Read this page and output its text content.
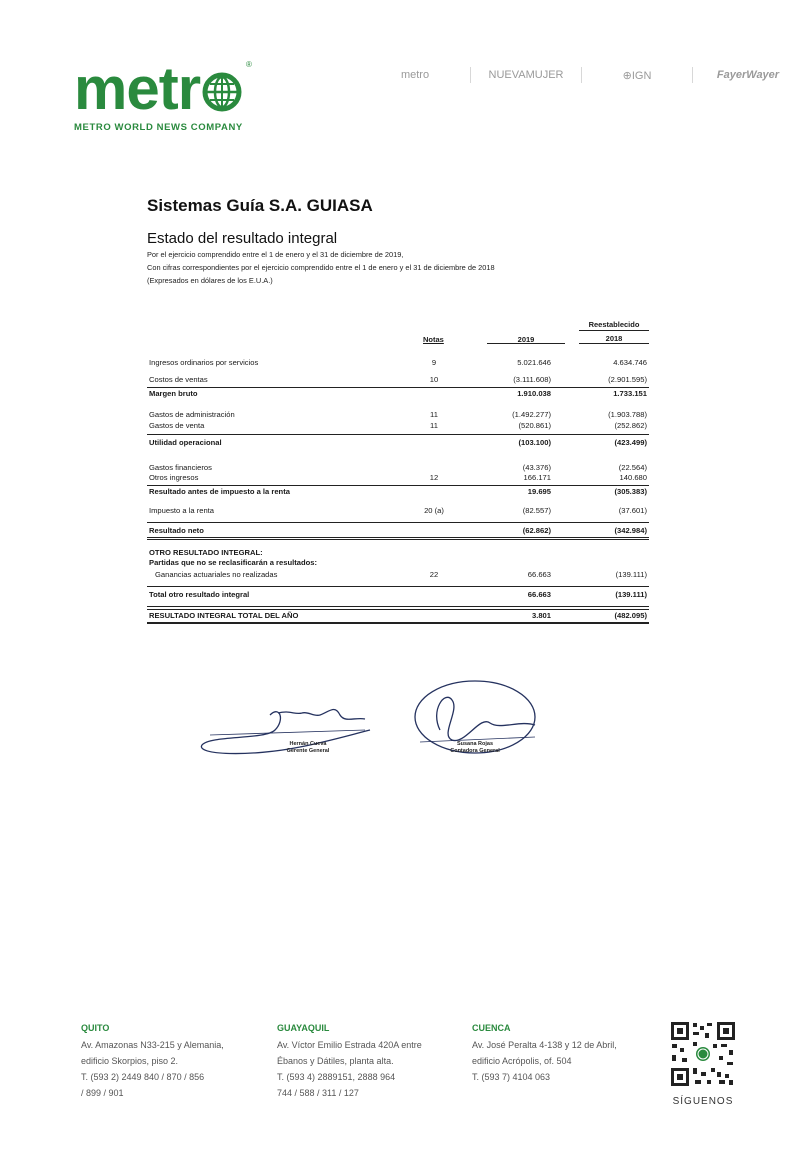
metr	®
METRO WORLD NEWS COMPANY
metro	NUEVAMUJER	⊕IGN	FayerWayer
Sistemas Guía S.A. GUIASA
Estado del resultado integral
Por el ejercicio comprendido entre el 1 de enero y el 31 de diciembre de 2019,
Con cifras correspondientes por el ejercicio comprendido entre el 1 de enero y el 31 de diciembre de 2018
(Expresados en dólares de los E.U.A.)
Reestablecido
Notas	2019	2018
Ingresos ordinarios por servicios	9	5.021.646	4.634.746
Costos de ventas	10	(3.111.608)	(2.901.595)
Margen bruto	1.910.038	1.733.151
Gastos de administración	11	(1.492.277)	(1.903.788)
Gastos de venta	11	(520.861)	(252.862)
Utilidad operacional	(103.100)	(423.499)
Gastos financieros	(43.376)	(22.564)
Otros ingresos	12	166.171	140.680
Resultado antes de impuesto a la renta	19.695	(305.383)
Impuesto a la renta	20 (a)	(82.557)	(37.601)
Resultado neto	(62.862)	(342.984)
OTRO RESULTADO INTEGRAL:
Partidas que no se reclasificarán a resultados:
Ganancias actuariales no realizadas	22	66.663	(139.111)
Total otro resultado integral	66.663	(139.111)
RESULTADO INTEGRAL TOTAL DEL AÑO	3.801	(482.095)
Hernán Cueva
Gerente General
Susana Rojas
Contadora General
QUITO
Av. Amazonas N33-215 y Alemania,
edificio Skorpios, piso 2.
T. (593 2) 2449 840 / 870 / 856
/ 899 / 901
GUAYAQUIL
Av. Víctor Emilio Estrada 420A entre
Ébanos y Dátiles, planta alta.
T. (593 4) 2889151, 2888 964
744 / 588 / 311 / 127
CUENCA
Av. José Peralta 4-138 y 12 de Abril,
edificio Acrópolis, of. 504
T. (593 7) 4104 063
SÍGUENOS
